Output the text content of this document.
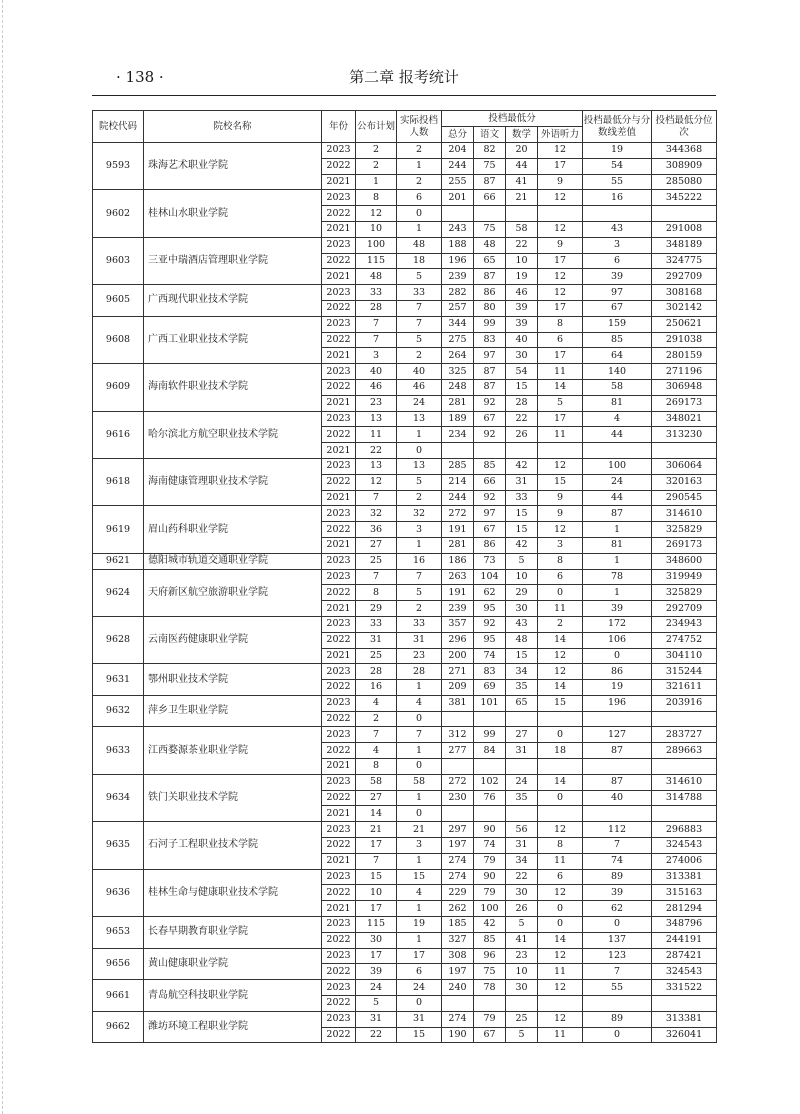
· 138 ·	第二章 报考统计
院校代码	院校名称	年份	公布计划	实际投档人数	投档最低分				投档最低分与分数线差值	投档最低分位次
					总分	语文	数学	外语听力		
9593	珠海艺术职业学院	2023	2	2	204	82	20	12	19	344368
		2022	2	1	244	75	44	17	54	308909
		2021	1	2	255	87	41	9	55	285080
9602	桂林山水职业学院	2023	8	6	201	66	21	12	16	345222
		2022	12	0						
		2021	10	1	243	75	58	12	43	291008
9603	三亚中瑞酒店管理职业学院	2023	100	48	188	48	22	9	3	348189
		2022	115	18	196	65	10	17	6	324775
		2021	48	5	239	87	19	12	39	292709
9605	广西现代职业技术学院	2023	33	33	282	86	46	12	97	308168
		2022	28	7	257	80	39	17	67	302142
9608	广西工业职业技术学院	2023	7	7	344	99	39	8	159	250621
		2022	7	5	275	83	40	6	85	291038
		2021	3	2	264	97	30	17	64	280159
9609	海南软件职业技术学院	2023	40	40	325	87	54	11	140	271196
		2022	46	46	248	87	15	14	58	306948
		2021	23	24	281	92	28	5	81	269173
9616	哈尔滨北方航空职业技术学院	2023	13	13	189	67	22	17	4	348021
		2022	11	1	234	92	26	11	44	313230
		2021	22	0						
9618	海南健康管理职业技术学院	2023	13	13	285	85	42	12	100	306064
		2022	12	5	214	66	31	15	24	320163
		2021	7	2	244	92	33	9	44	290545
9619	眉山药科职业学院	2023	32	32	272	97	15	9	87	314610
		2022	36	3	191	67	15	12	1	325829
		2021	27	1	281	86	42	3	81	269173
9621	德阳城市轨道交通职业学院	2023	25	16	186	73	5	8	1	348600
9624	天府新区航空旅游职业学院	2023	7	7	263	104	10	6	78	319949
		2022	8	5	191	62	29	0	1	325829
		2021	29	2	239	95	30	11	39	292709
9628	云南医药健康职业学院	2023	33	33	357	92	43	2	172	234943
		2022	31	31	296	95	48	14	106	274752
		2021	25	23	200	74	15	12	0	304110
9631	鄂州职业技术学院	2023	28	28	271	83	34	12	86	315244
		2022	16	1	209	69	35	14	19	321611
9632	萍乡卫生职业学院	2023	4	4	381	101	65	15	196	203916
		2022	2	0						
9633	江西婺源茶业职业学院	2023	7	7	312	99	27	0	127	283727
		2022	4	1	277	84	31	18	87	289663
		2021	8	0						
9634	铁门关职业技术学院	2023	58	58	272	102	24	14	87	314610
		2022	27	1	230	76	35	0	40	314788
		2021	14	0						
9635	石河子工程职业技术学院	2023	21	21	297	90	56	12	112	296883
		2022	17	3	197	74	31	8	7	324543
		2021	7	1	274	79	34	11	74	274006
9636	桂林生命与健康职业技术学院	2023	15	15	274	90	22	6	89	313381
		2022	10	4	229	79	30	12	39	315163
		2021	17	1	262	100	26	0	62	281294
9653	长春早期教育职业学院	2023	115	19	185	42	5	0	0	348796
		2022	30	1	327	85	41	14	137	244191
9656	黄山健康职业学院	2023	17	17	308	96	23	12	123	287421
		2022	39	6	197	75	10	11	7	324543
9661	青岛航空科技职业学院	2023	24	24	240	78	30	12	55	331522
		2022	5	0						
9662	潍坊环境工程职业学院	2023	31	31	274	79	25	12	89	313381
		2022	22	15	190	67	5	11	0	326041
